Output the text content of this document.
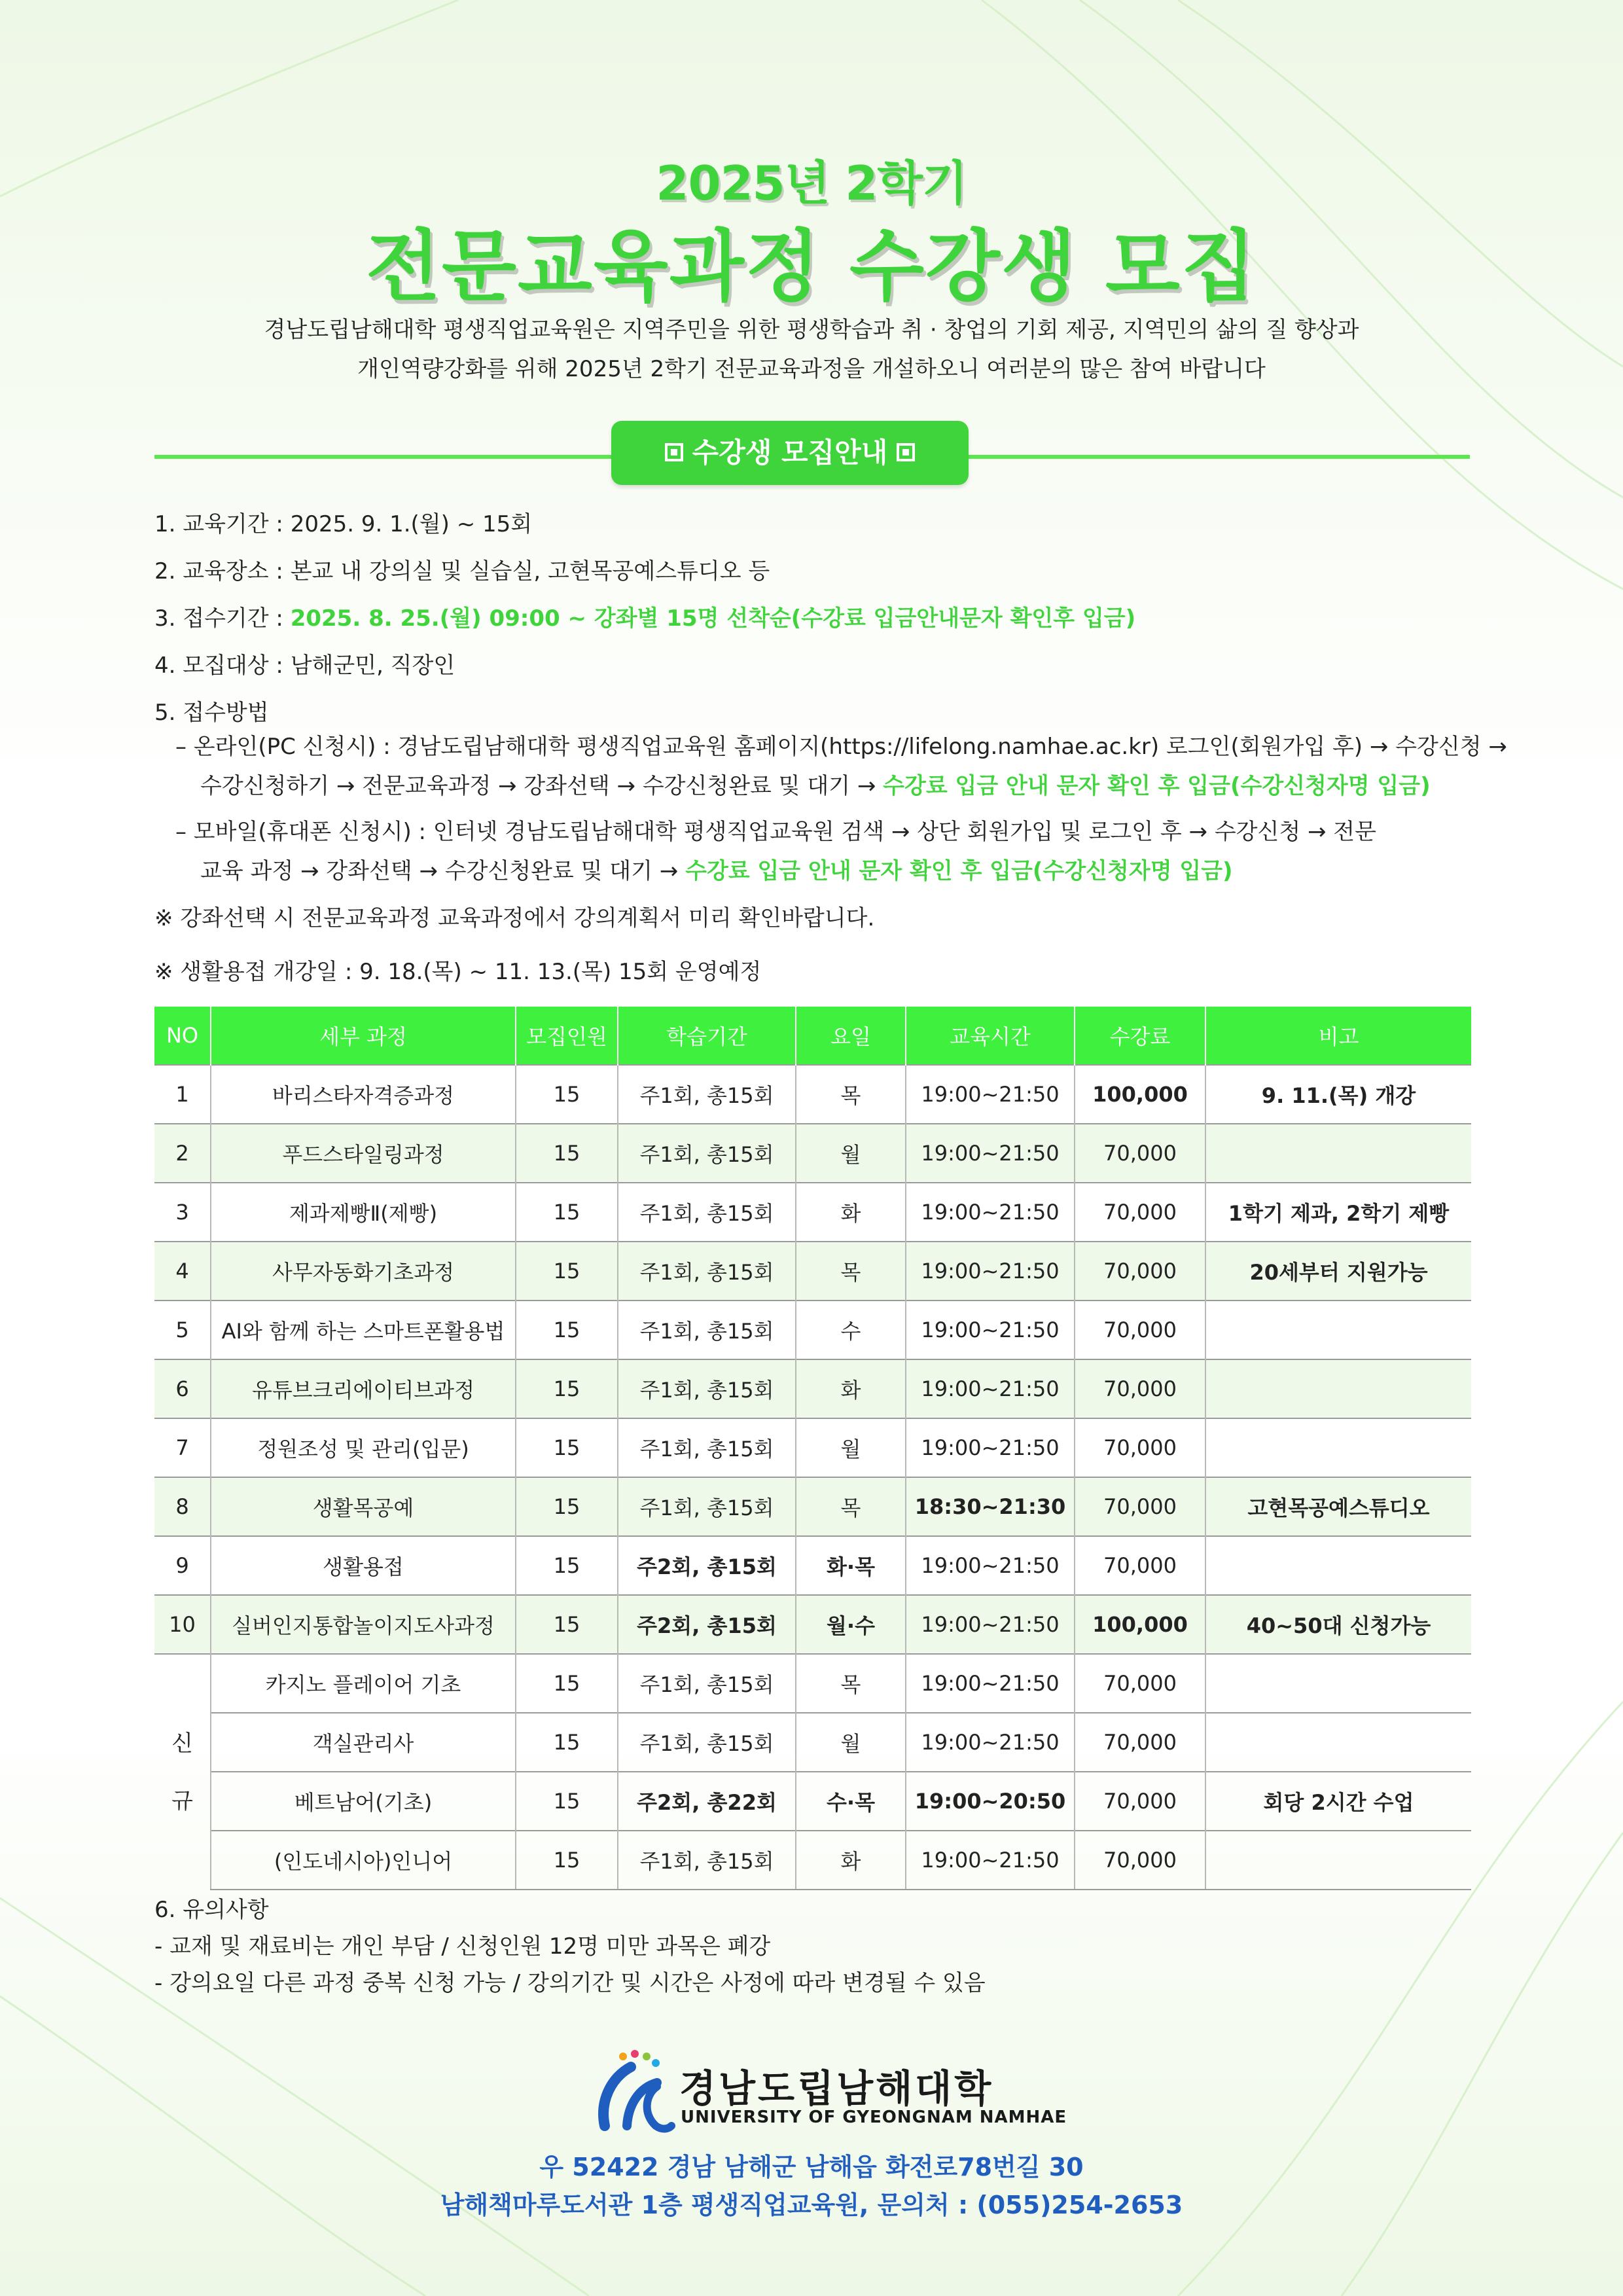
2025년 2학기
전문교육과정 수강생 모집
경남도립남해대학 평생직업교육원은 지역주민을 위한 평생학습과 취 · 창업의 기회 제공, 지역민의 삶의 질 향상과
개인역량강화를 위해 2025년 2학기 전문교육과정을 개설하오니 여러분의 많은 참여 바랍니다
수강생 모집안내
1. 교육기간 : 2025. 9. 1.(월) ~ 15회
2. 교육장소 : 본교 내 강의실 및 실습실, 고현목공예스튜디오 등
3. 접수기간 : 2025. 8. 25.(월) 09:00 ~ 강좌별 15명 선착순(수강료 입금안내문자 확인후 입금)
4. 모집대상 : 남해군민, 직장인
5. 접수방법
– 온라인(PC 신청시) : 경남도립남해대학 평생직업교육원 홈페이지(https://lifelong.namhae.ac.kr) 로그인(회원가입 후) → 수강신청 →
수강신청하기 → 전문교육과정 → 강좌선택 → 수강신청완료 및 대기 → 수강료 입금 안내 문자 확인 후 입금(수강신청자명 입금)
– 모바일(휴대폰 신청시) : 인터넷 경남도립남해대학 평생직업교육원 검색 → 상단 회원가입 및 로그인 후 → 수강신청 → 전문
교육 과정 → 강좌선택 → 수강신청완료 및 대기 → 수강료 입금 안내 문자 확인 후 입금(수강신청자명 입금)
※ 강좌선택 시 전문교육과정 교육과정에서 강의계획서 미리 확인바랍니다.
※ 생활용접 개강일 : 9. 18.(목) ~ 11. 13.(목) 15회 운영예정
NO	세부 과정	모집인원	학습기간	요일	교육시간	수강료	비고
1	바리스타자격증과정	15	주1회, 총15회	목	19:00~21:50	100,000	9. 11.(목) 개강
2	푸드스타일링과정	15	주1회, 총15회	월	19:00~21:50	70,000	
3	제과제빵Ⅱ(제빵)	15	주1회, 총15회	화	19:00~21:50	70,000	1학기 제과, 2학기 제빵
4	사무자동화기초과정	15	주1회, 총15회	목	19:00~21:50	70,000	20세부터 지원가능
5	AI와 함께 하는 스마트폰활용법	15	주1회, 총15회	수	19:00~21:50	70,000	
6	유튜브크리에이티브과정	15	주1회, 총15회	화	19:00~21:50	70,000	
7	정원조성 및 관리(입문)	15	주1회, 총15회	월	19:00~21:50	70,000	
8	생활목공예	15	주1회, 총15회	목	18:30~21:30	70,000	고현목공예스튜디오
9	생활용접	15	주2회, 총15회	화·목	19:00~21:50	70,000	
10	실버인지통합놀이지도사과정	15	주2회, 총15회	월·수	19:00~21:50	100,000	40~50대 신청가능

신
규	카지노 플레이어 기초	15	주1회, 총15회	목	19:00~21:50	70,000	
	객실관리사	15	주1회, 총15회	월	19:00~21:50	70,000	
	베트남어(기초)	15	주2회, 총22회	수·목	19:00~20:50	70,000	회당 2시간 수업
	(인도네시아)인니어	15	주1회, 총15회	화	19:00~21:50	70,000	
6. 유의사항
- 교재 및 재료비는 개인 부담 / 신청인원 12명 미만 과목은 폐강
- 강의요일 다른 과정 중복 신청 가능 / 강의기간 및 시간은 사정에 따라 변경될 수 있음
경남도립남해대학
UNIVERSITY OF GYEONGNAM NAMHAE
우 52422 경남 남해군 남해읍 화전로78번길 30
남해책마루도서관 1층 평생직업교육원, 문의처 : (055)254-2653
